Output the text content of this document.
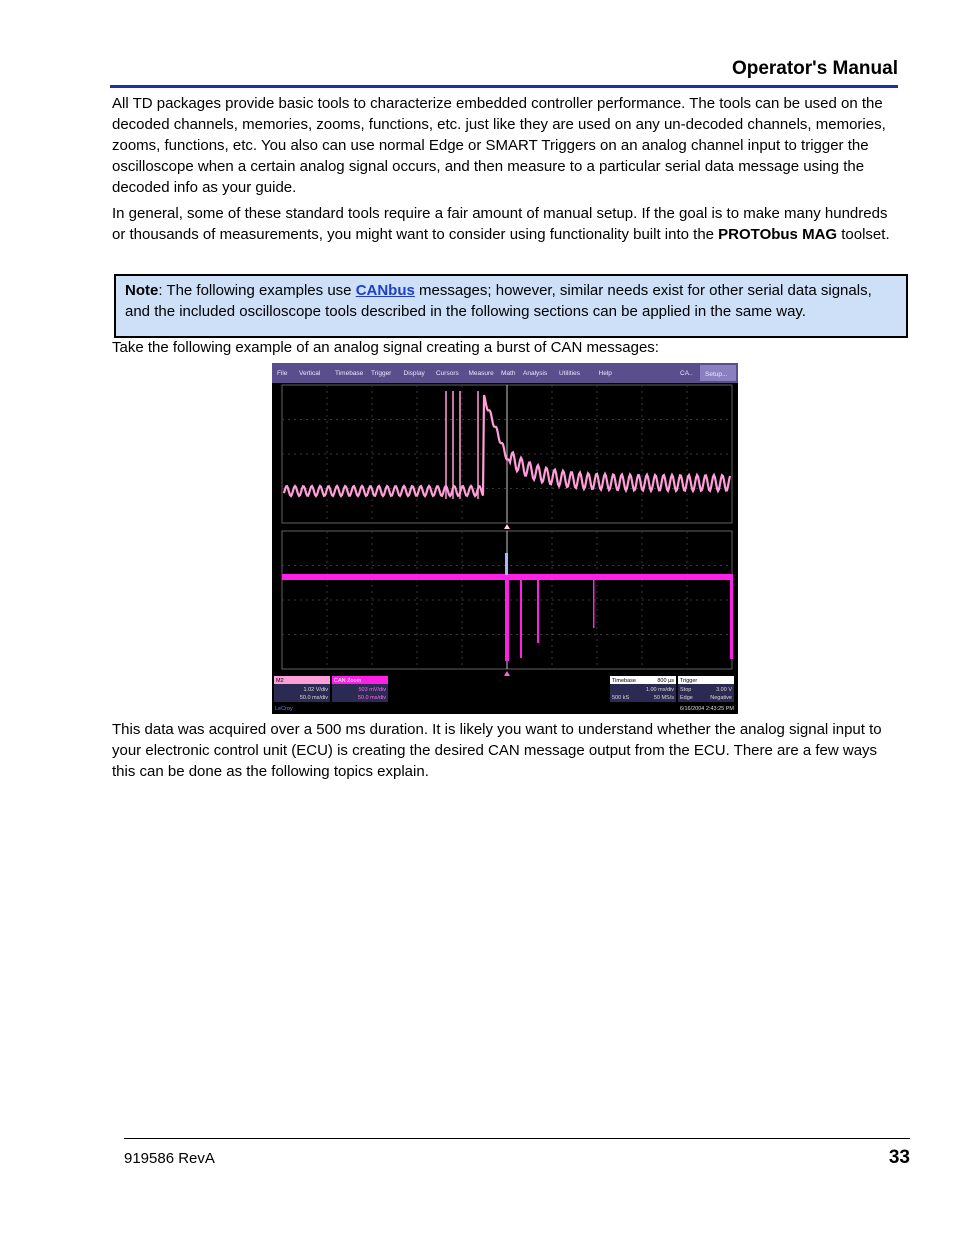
Operator's Manual

All TD packages provide basic tools to characterize embedded controller performance. The tools can be used on the decoded channels, memories, zooms, functions, etc. just like they are used on any un-decoded channels, memories, zooms, functions, etc. You also can use normal Edge or SMART Triggers on an analog channel input to trigger the oscilloscope when a certain analog signal occurs, and then measure to a particular serial data message using the decoded info as your guide.

In general, some of these standard tools require a fair amount of manual setup. If the goal is to make many hundreds or thousands of measurements, you might want to consider using functionality built into the PROTObus MAG toolset.

Note: The following examples use CANbus messages; however, similar needs exist for other serial data signals, and the included oscilloscope tools described in the following sections can be applied in the same way.

Take the following example of an analog signal creating a burst of CAN messages:

File Vertical Timebase Trigger Display Cursors Measure Math Analysis Utilities	Help	CA.. Setup...
M2
1.02 V/div
50.0 ms/div
CAN Zoom
503 mV/div
50.0 ms/div
LeCroy
Timebase	800 µs
1.00 ms/div
500 kS	50 MS/s
Trigger
Stop	3.00 V
Edge	Negative
6/16/2004 2:43:25 PM

This data was acquired over a 500 ms duration. It is likely you want to understand whether the analog signal input to your electronic control unit (ECU) is creating the desired CAN message output from the ECU. There are a few ways this can be done as the following topics explain.

919586 RevA	33
